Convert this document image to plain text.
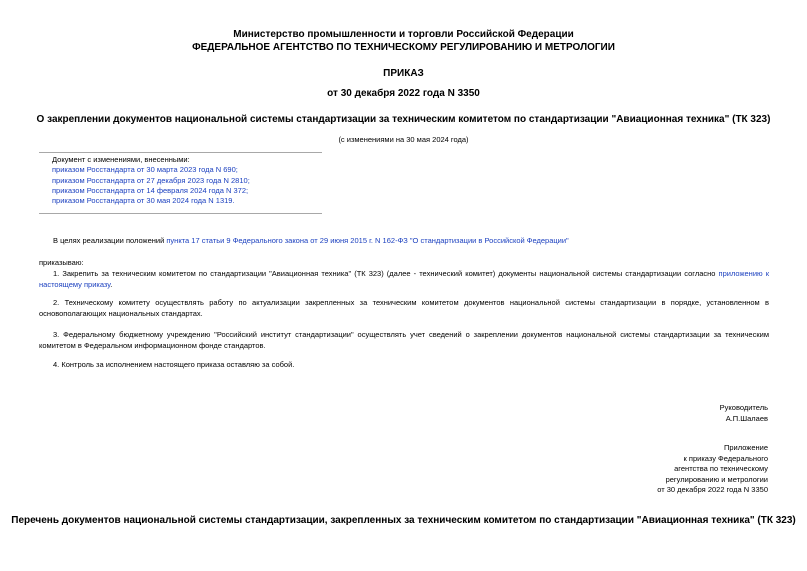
Министерство промышленности и торговли Российской Федерации
ФЕДЕРАЛЬНОЕ АГЕНТСТВО ПО ТЕХНИЧЕСКОМУ РЕГУЛИРОВАНИЮ И МЕТРОЛОГИИ
ПРИКАЗ
от 30 декабря 2022 года N 3350
О закреплении документов национальной системы стандартизации за техническим комитетом по стандартизации "Авиационная техника" (ТК 323)
(с изменениями на 30 мая 2024 года)
Документ с изменениями, внесенными:
приказом Росстандарта от 30 марта 2023 года N 690;
приказом Росстандарта от 27 декабря 2023 года N 2810;
приказом Росстандарта от 14 февраля 2024 года N 372;
приказом Росстандарта от 30 мая 2024 года N 1319.
В целях реализации положений пункта 17 статьи 9 Федерального закона от 29 июня 2015 г. N 162-ФЗ "О стандартизации в Российской Федерации"
приказываю:
1. Закрепить за техническим комитетом по стандартизации "Авиационная техника" (ТК 323) (далее - технический комитет) документы национальной системы стандартизации согласно приложению к настоящему приказу.
2. Техническому комитету осуществлять работу по актуализации закрепленных за техническим комитетом документов национальной системы стандартизации в порядке, установленном в основополагающих национальных стандартах.
3. Федеральному бюджетному учреждению "Российский институт стандартизации" осуществлять учет сведений о закреплении документов национальной системы стандартизации за техническим комитетом в Федеральном информационном фонде стандартов.
4. Контроль за исполнением настоящего приказа оставляю за собой.
Руководитель
А.П.Шалаев
Приложение
к приказу Федерального
агентства по техническому
регулированию и метрологии
от 30 декабря 2022 года N 3350
Перечень документов национальной системы стандартизации, закрепленных за техническим комитетом по стандартизации "Авиационная техника" (ТК 323)
